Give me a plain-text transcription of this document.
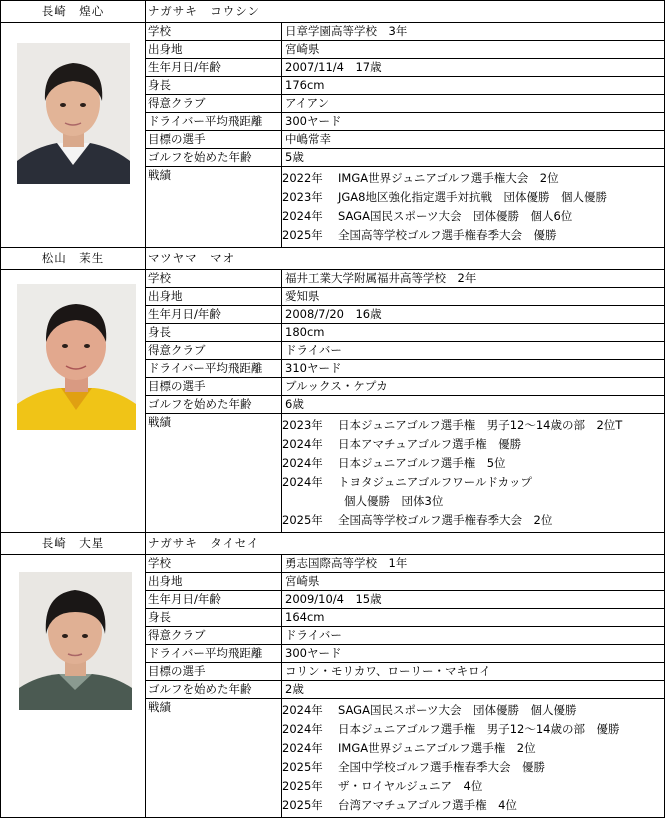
長崎　煌心	ナガサキ　コウシン
学校	日章学園高等学校　3年
出身地	宮崎県
生年月日/年齢	2007/11/4　17歳
身長	176cm
得意クラブ	アイアン
ドライバー平均飛距離	300ヤード
目標の選手	中嶋常幸
ゴルフを始めた年齢	5歳
戦績	2022年	IMGA世界ジュニアゴルフ選手権大会　2位
2023年	JGA8地区強化指定選手対抗戦　団体優勝　個人優勝
2024年	SAGA国民スポーツ大会　団体優勝　個人6位
2025年	全国高等学校ゴルフ選手権春季大会　優勝
松山　茉生	マツヤマ　マオ
学校	福井工業大学附属福井高等学校　2年
出身地	愛知県
生年月日/年齢	2008/7/20　16歳
身長	180cm
得意クラブ	ドライバー
ドライバー平均飛距離	310ヤード
目標の選手	ブルックス・ケプカ
ゴルフを始めた年齢	6歳
戦績	2023年	日本ジュニアゴルフ選手権　男子12～14歳の部　2位T
2024年	日本アマチュアゴルフ選手権　優勝
2024年	日本ジュニアゴルフ選手権　5位
2024年	トヨタジュニアゴルフワールドカップ
個人優勝　団体3位
2025年	全国高等学校ゴルフ選手権春季大会　2位
長崎　大星	ナガサキ　タイセイ
学校	勇志国際高等学校　1年
出身地	宮崎県
生年月日/年齢	2009/10/4　15歳
身長	164cm
得意クラブ	ドライバー
ドライバー平均飛距離	300ヤード
目標の選手	コリン・モリカワ、ローリー・マキロイ
ゴルフを始めた年齢	2歳
戦績	2024年	SAGA国民スポーツ大会　団体優勝　個人優勝
2024年	日本ジュニアゴルフ選手権　男子12～14歳の部　優勝
2024年	IMGA世界ジュニアゴルフ選手権　2位
2025年	全国中学校ゴルフ選手権春季大会　優勝
2025年	ザ・ロイヤルジュニア　4位
2025年	台湾アマチュアゴルフ選手権　4位
